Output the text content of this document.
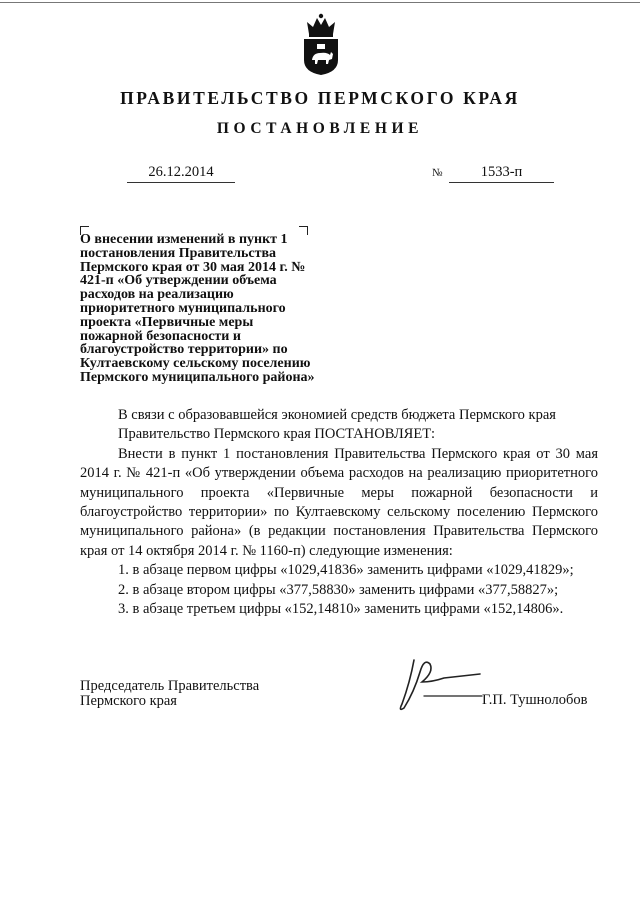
ПРАВИТЕЛЬСТВО ПЕРМСКОГО КРАЯ
ПОСТАНОВЛЕНИЕ
26.12.2014	№	1533-п

О внесении изменений в пункт 1 постановления Правительства Пермского края от 30 мая 2014 г. № 421-п «Об утверждении объема расходов на реализацию приоритетного муниципального проекта «Первичные меры пожарной безопасности и благоустройство территории» по Култаевскому сельскому поселению Пермского муниципального района»

В связи с образовавшейся экономией средств бюджета Пермского края

Правительство Пермского края ПОСТАНОВЛЯЕТ:

Внести в пункт 1 постановления Правительства Пермского края от 30 мая 2014 г. № 421-п «Об утверждении объема расходов на реализацию приоритетного муниципального проекта «Первичные меры пожарной безопасности и благоустройство территории» по Култаевскому сельскому поселению Пермского муниципального района» (в редакции постановления Правительства Пермского края от 14 октября 2014 г. № 1160-п) следующие изменения:

1. в абзаце первом цифры «1029,41836» заменить цифрами «1029,41829»;

2. в абзаце втором цифры «377,58830» заменить цифрами «377,58827»;

3. в абзаце третьем цифры «152,14810» заменить цифрами «152,14806».

Председатель Правительства
Пермского края	Г.П. Тушнолобов
